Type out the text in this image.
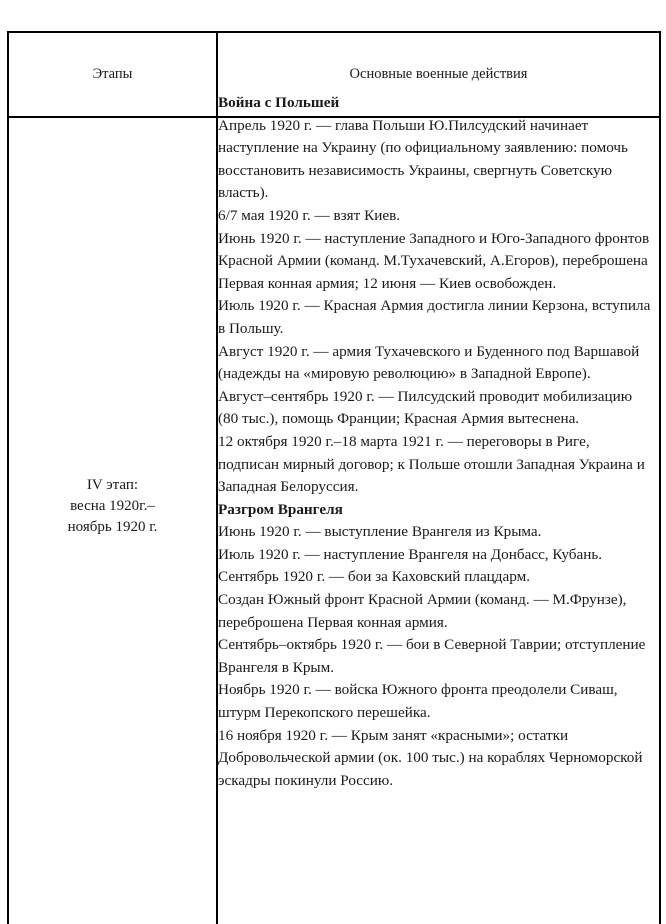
Этапы	Основные военные действия
IV этап:
весна 1920г.–
ноябрь 1920 г.
Война с Польшей
Апрель 1920 г. — глава Польши Ю.Пилсудский начинает наступление на Украину (по официальному заявлению: помочь восстановить независимость Украины, свергнуть Советскую власть).
6/7 мая 1920 г. — взят Киев.
Июнь 1920 г. — наступление Западного и Юго-Западного фронтов Красной Армии (команд. М.Тухачевский, А.Егоров), переброшена Первая конная армия; 12 июня — Киев освобожден.
Июль 1920 г. — Красная Армия достигла линии Керзона, вступила в Польшу.
Август 1920 г. — армия Тухачевского и Буденного под Варшавой (надежды на «мировую революцию» в Западной Европе).
Август–сентябрь 1920 г. — Пилсудский проводит мобилизацию (80 тыс.), помощь Франции; Красная Армия вытеснена.
12 октября 1920 г.–18 марта 1921 г. — переговоры в Риге, подписан мирный договор; к Польше отошли Западная Украина и Западная Белоруссия.
Разгром Врангеля
Июнь 1920 г. — выступление Врангеля из Крыма.
Июль 1920 г. — наступление Врангеля на Донбасс, Кубань.
Сентябрь 1920 г. — бои за Каховский плацдарм.
Создан Южный фронт Красной Армии (команд. — М.Фрунзе), переброшена Первая конная армия.
Сентябрь–октябрь 1920 г. — бои в Северной Таврии; отступление Врангеля в Крым.
Ноябрь 1920 г. — войска Южного фронта преодолели Сиваш, штурм Перекопского перешейка.
16 ноября 1920 г. — Крым занят «красными»; остатки Добровольческой армии (ок. 100 тыс.) на кораблях Черноморской эскадры покинули Россию.
